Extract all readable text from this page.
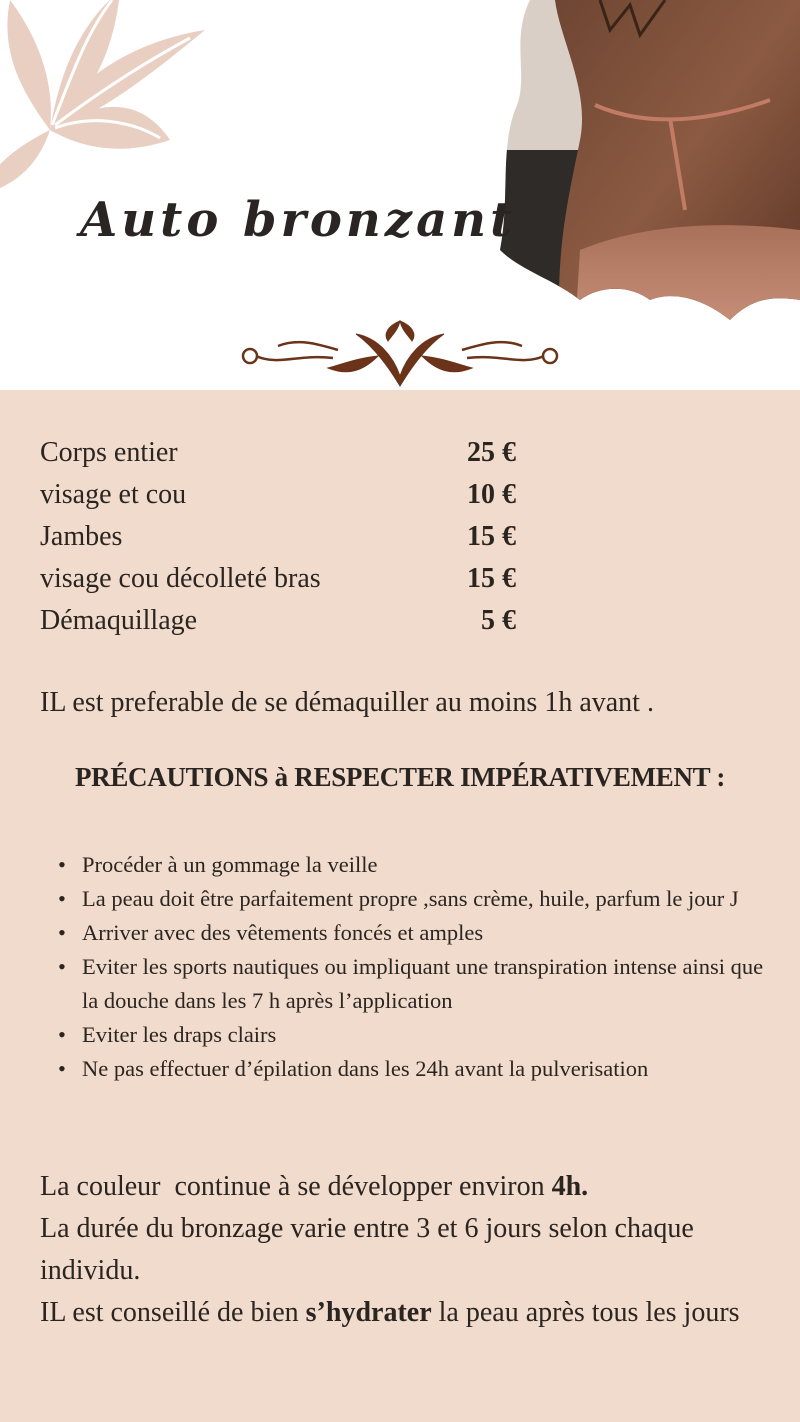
Auto bronzant
Corps entier	25 €
visage et cou	10 €
Jambes	15 €
visage cou décolleté bras	15 €
Démaquillage	5 €

IL est preferable de se démaquiller au moins 1h avant .

PRÉCAUTIONS à RESPECTER IMPÉRATIVEMENT :
• Procéder à un gommage la veille
• La peau doit être parfaitement propre ,sans crème, huile, parfum le jour J
• Arriver avec des vêtements foncés et amples
• Eviter les sports nautiques ou impliquant une transpiration intense ainsi que la douche dans les 7 h après l’application
• Eviter les draps clairs
• Ne pas effectuer d’épilation dans les 24h avant la pulverisation

La couleur  continue à se développer environ 4h.

La durée du bronzage varie entre 3 et 6 jours selon chaque individu.

IL est conseillé de bien s’hydrater la peau après tous les jours
